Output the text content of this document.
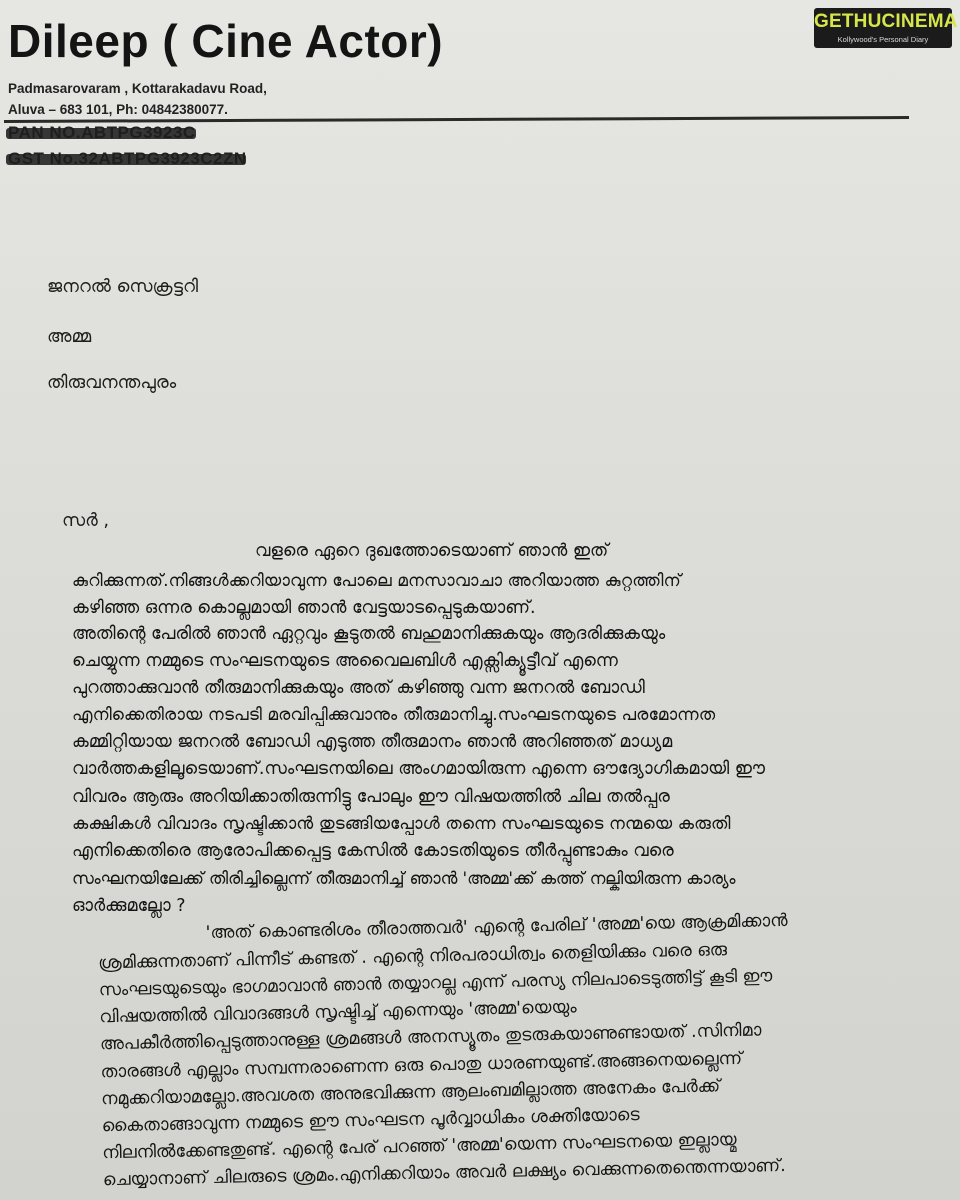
Dileep ( Cine Actor)
Padmasarovaram , Kottarakadavu Road,
Aluva – 683 101, Ph: 04842380077.
GETHUCINEMA
Kollywood's Personal Diary
ജനറൽ സെക്രട്ടറി
അമ്മ
തിരുവനന്തപുരം
സർ ,
വളരെ ഏറെ ദുഖത്തോടെയാണ് ഞാൻ ഇത്
കുറിക്കുന്നത്.നിങ്ങൾക്കറിയാവുന്ന പോലെ മനസാവാചാ അറിയാത്ത കുറ്റത്തിന്
കഴിഞ്ഞ ഒന്നര കൊല്ലമായി ഞാൻ വേട്ടയാടപ്പെടുകയാണ്.
അതിന്റെ പേരിൽ ഞാൻ ഏറ്റവും കൂടുതൽ ബഹുമാനിക്കുകയും ആദരിക്കുകയും
ചെയ്യുന്ന നമ്മുടെ സംഘടനയുടെ അവൈലബിൾ എക്സിക്യൂട്ടീവ് എന്നെ
പുറത്താക്കുവാൻ തീരുമാനിക്കുകയും അത് കഴിഞ്ഞു വന്ന ജനറൽ ബോഡി
എനിക്കെതിരായ നടപടി മരവിപ്പിക്കുവാനും തീരുമാനിച്ചു.സംഘടനയുടെ പരമോന്നത
കമ്മിറ്റിയായ ജനറൽ ബോഡി എടുത്ത തീരുമാനം ഞാൻ അറിഞ്ഞത് മാധ്യമ
വാർത്തകളിലൂടെയാണ്.സംഘടനയിലെ അംഗമായിരുന്ന എന്നെ ഔദ്യോഗികമായി ഈ
വിവരം ആരും അറിയിക്കാതിരുന്നിട്ടു പോലും ഈ വിഷയത്തിൽ ചില തൽപ്പര
കക്ഷികൾ വിവാദം സൃഷ്ടിക്കാൻ തുടങ്ങിയപ്പോൾ തന്നെ സംഘടയുടെ നന്മയെ കരുതി
എനിക്കെതിരെ ആരോപിക്കപ്പെട്ട കേസിൽ കോടതിയുടെ തീർപ്പുണ്ടാകും വരെ
സംഘനയിലേക്ക് തിരിച്ചില്ലെന്ന് തീരുമാനിച്ച് ഞാൻ 'അമ്മ'ക്ക് കത്ത് നല്കിയിരുന്ന കാര്യം
ഓർക്കുമല്ലോ ?
'അത് കൊണ്ടരിശം തീരാത്തവർ' എന്റെ പേരില് 'അമ്മ'യെ ആക്രമിക്കാൻ
ശ്രമിക്കുന്നതാണ് പിന്നീട് കണ്ടത് . എന്റെ നിരപരാധിത്വം തെളിയിക്കും വരെ ഒരു
സംഘടയുടെയും ഭാഗമാവാൻ ഞാൻ തയ്യാറല്ല എന്ന് പരസ്യ നിലപാടെടുത്തിട്ട് കൂടി ഈ
വിഷയത്തിൽ വിവാദങ്ങൾ സൃഷ്ടിച്ച് എന്നെയും 'അമ്മ'യെയും
അപകീർത്തിപ്പെടുത്താനുള്ള ശ്രമങ്ങൾ അനസ്യൂതം തുടരുകയാണുണ്ടായത് .സിനിമാ
താരങ്ങൾ എല്ലാം സമ്പന്നരാണെന്ന ഒരു പൊതു ധാരണയുണ്ട്.അങ്ങനെയല്ലെന്ന്
നമുക്കറിയാമല്ലോ.അവശത അനുഭവിക്കുന്ന ആലംബമില്ലാത്ത അനേകം പേർക്ക്
കൈതാങ്ങാവുന്ന നമ്മുടെ ഈ സംഘടന പൂർവ്വാധികം ശക്തിയോടെ
നിലനിൽക്കേണ്ടതുണ്ട്. എന്റെ പേര് പറഞ്ഞ് 'അമ്മ'യെന്ന സംഘടനയെ ഇല്ലായ്മ
ചെയ്യാനാണ് ചിലരുടെ ശ്രമം.എനിക്കറിയാം അവർ ലക്ഷ്യം വെക്കുന്നതെന്തെന്നയാണ്.
